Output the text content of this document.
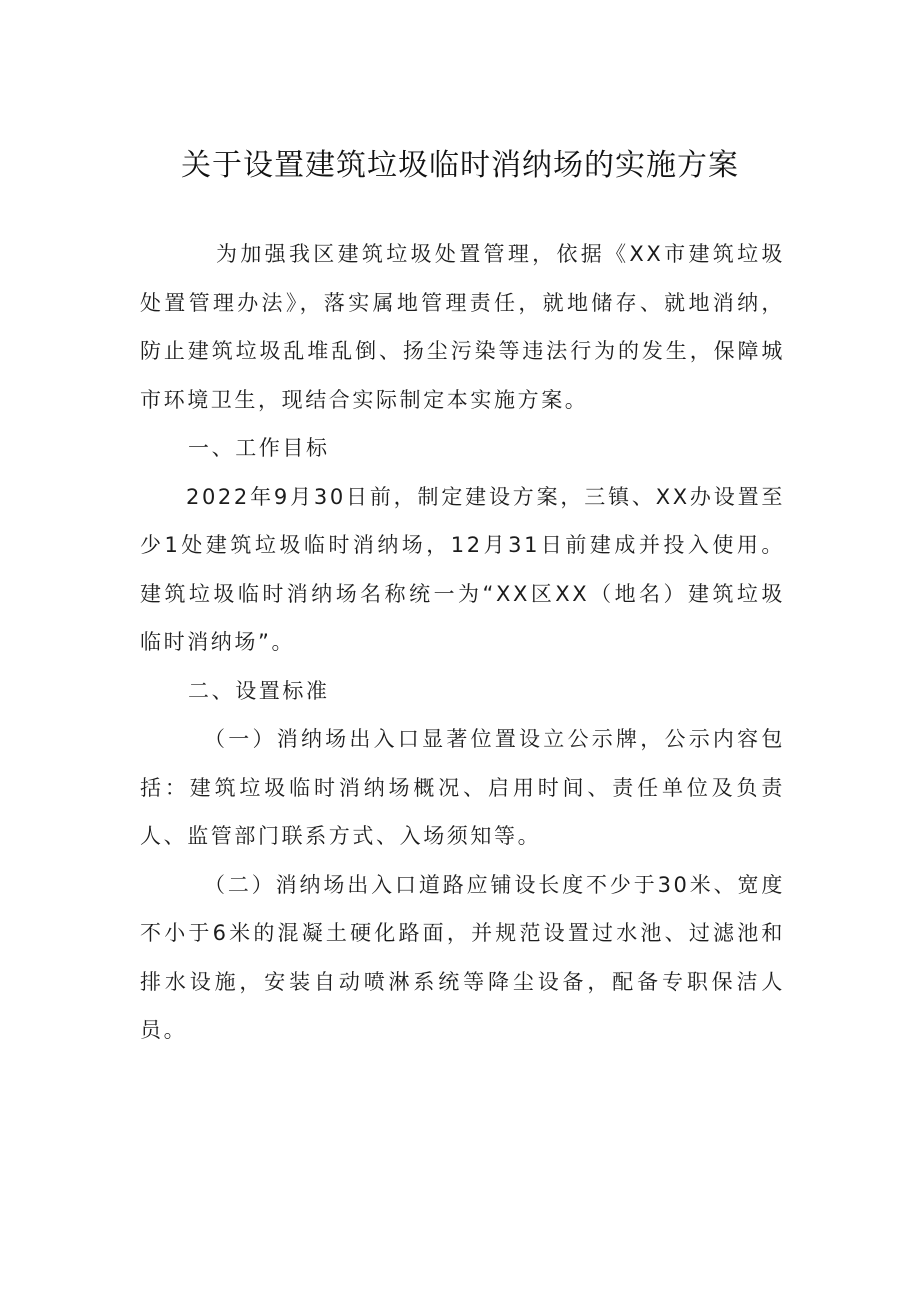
关于设置建筑垃圾临时消纳场的实施方案

为加强我区建筑垃圾处置管理，依据《XX市建筑垃圾处置管理办法》，落实属地管理责任，就地储存、就地消纳，防止建筑垃圾乱堆乱倒、扬尘污染等违法行为的发生，保障城市环境卫生，现结合实际制定本实施方案。

一、工作目标

2022年9月30日前，制定建设方案，三镇、XX办设置至少1处建筑垃圾临时消纳场，12月31日前建成并投入使用。建筑垃圾临时消纳场名称统一为“XX区XX（地名）建筑垃圾临时消纳场”。

二、设置标准

（一）消纳场出入口显著位置设立公示牌，公示内容包括：建筑垃圾临时消纳场概况、启用时间、责任单位及负责人、监管部门联系方式、入场须知等。

（二）消纳场出入口道路应铺设长度不少于30米、宽度不小于6米的混凝土硬化路面，并规范设置过水池、过滤池和排水设施，安装自动喷淋系统等降尘设备，配备专职保洁人员。
